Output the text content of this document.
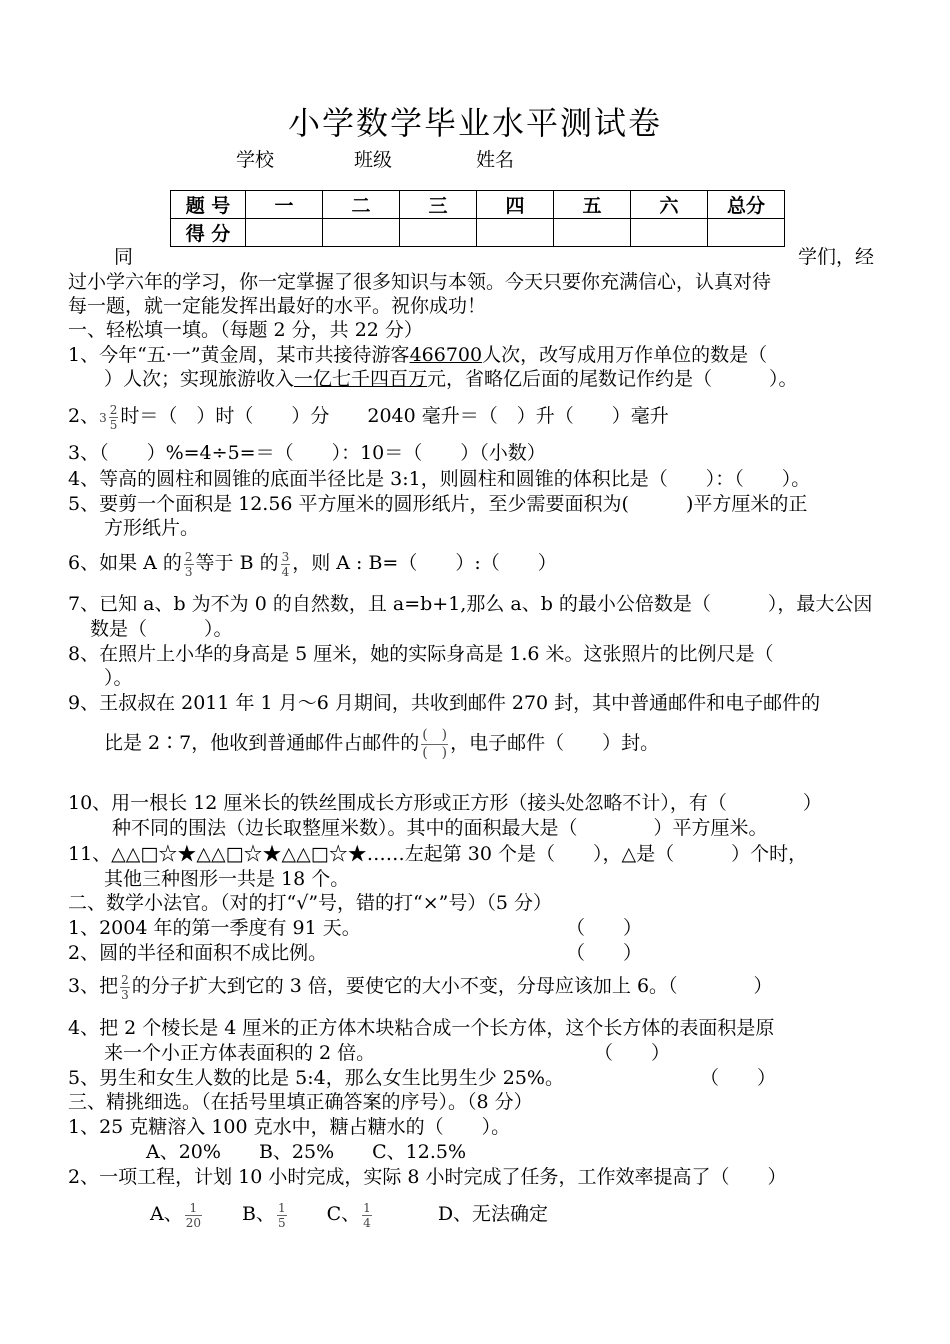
小学数学毕业水平测试卷
学校	班级	姓名
题 号	一	二	三	四	五	六	总分
得 分							
同	学们，经
过小学六年的学习，你一定掌握了很多知识与本领。今天只要你充满信心，认真对待
每一题，就一定能发挥出最好的水平。祝你成功！
一、轻松填一填。（每题 2 分，共 22 分）
1、今年“五·一”黄金周，某市共接待游客466700人次，改写成用万作单位的数是（
）人次；实现旅游收入一亿七千四百万元，省略亿后面的尾数记作约是（　　　）。
2、$3 \frac{2}{5}$ 时＝（　）时（　　）分　　2040 毫升＝（　）升（　　）毫升
3、（　　）%=4÷5=＝（　　）：10＝（　　）（小数）
4、等高的圆柱和圆锥的底面半径比是 3:1，则圆柱和圆锥的体积比是（　　）：（　　）。
5、要剪一个面积是 12.56 平方厘米的圆形纸片，至少需要面积为(　　　)平方厘米的正
方形纸片。
6、如果 A 的 $\frac{2}{3}$ 等于 B 的 $\frac{3}{4}$ ，则 A : B=（　　）:（　　）
7、已知 a、b 为不为 0 的自然数，且 a=b+1,那么 a、b 的最小公倍数是（　　　），最大公因
数是（　　　）。
8、在照片上小华的身高是 5 厘米，她的实际身高是 1.6 米。这张照片的比例尺是（
）。
9、王叔叔在 2011 年 1 月～6 月期间，共收到邮件 270 封，其中普通邮件和电子邮件的
比是 2∶7，他收到普通邮件占邮件的 $\frac{( )}{( )}$ ，电子邮件（　　）封。
10、用一根长 12 厘米长的铁丝围成长方形或正方形（接头处忽略不计），有（　　　　）
种不同的围法（边长取整厘米数）。其中的面积最大是（　　　　）平方厘米。
11、△△□☆★△△□☆★△△□☆★……左起第 30 个是（　　），△是（　　　）个时，
其他三种图形一共是 18 个。
二、数学小法官。（对的打“√”号，错的打“×”号）（5 分）
1、2004 年的第一季度有 91 天。	（　　）
2、圆的半径和面积不成比例。	（　　）
3、把 $\frac{2}{3}$ 的分子扩大到它的 3 倍，要使它的大小不变，分母应该加上 6。（　　　　）
4、把 2 个棱长是 4 厘米的正方体木块粘合成一个长方体，这个长方体的表面积是原
来一个小正方体表面积的 2 倍。	（　　）
5、男生和女生人数的比是 5:4，那么女生比男生少 25%。	（　　）
三、精挑细选。（在括号里填正确答案的序号）。（8 分）
1、25 克糖溶入 100 克水中，糖占糖水的（　　）。
A、20%　　B、25%　　C、12.5%
2、一项工程，计划 10 小时完成，实际 8 小时完成了任务，工作效率提高了（　　）
A、 $\frac{1}{20}$ B、 $\frac{1}{5}$ C、 $\frac{1}{4}$	D、无法确定
